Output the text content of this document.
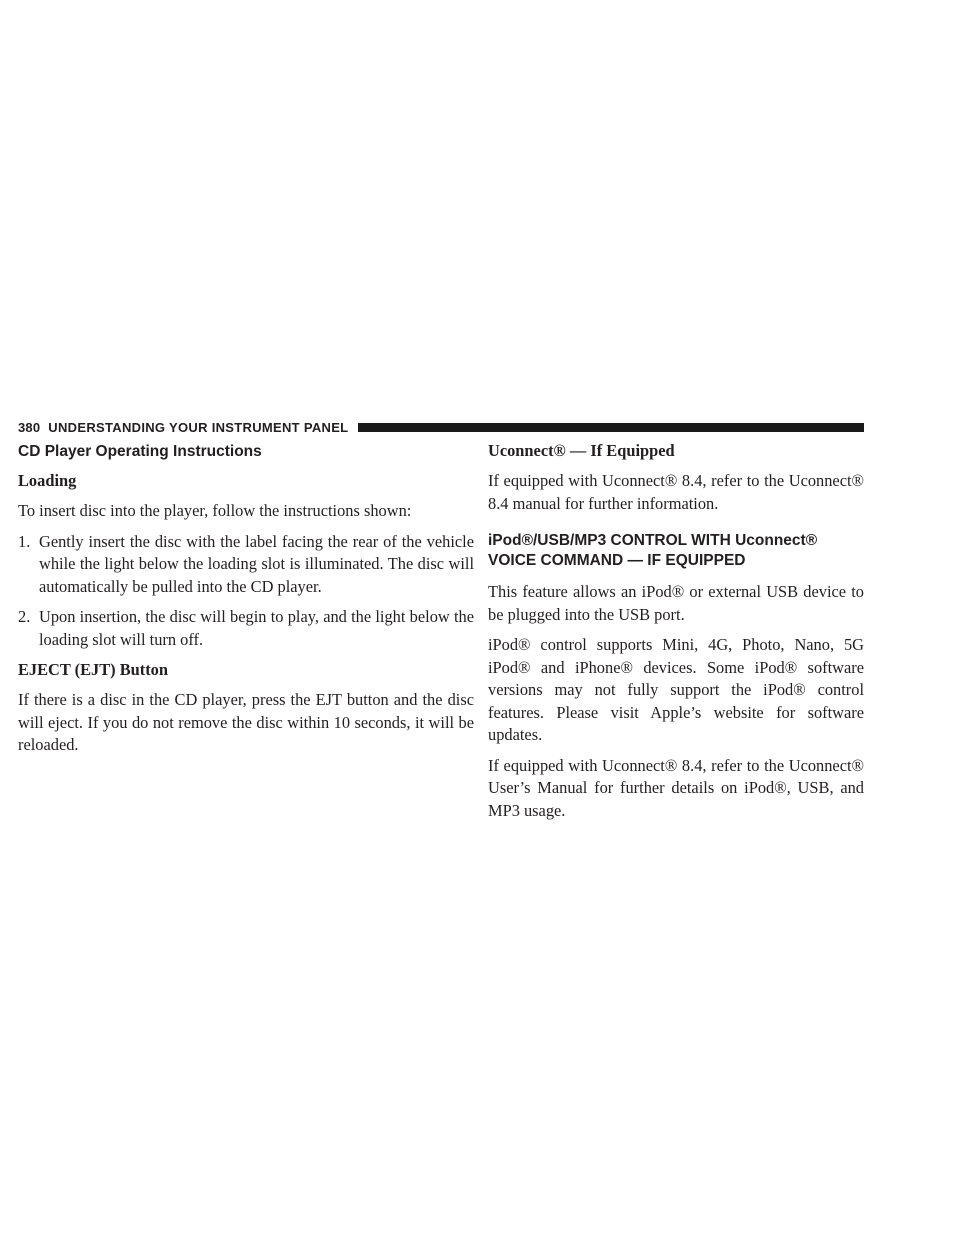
380 UNDERSTANDING YOUR INSTRUMENT PANEL
CD Player Operating Instructions
Loading

To insert disc into the player, follow the instructions shown:

1. Gently insert the disc with the label facing the rear of the vehicle while the light below the loading slot is illuminated. The disc will automatically be pulled into the CD player.
2. Upon insertion, the disc will begin to play, and the light below the loading slot will turn off.
EJECT (EJT) Button

If there is a disc in the CD player, press the EJT button and the disc will eject. If you do not remove the disc within 10 seconds, it will be reloaded.

Uconnect® — If Equipped

If equipped with Uconnect® 8.4, refer to the Uconnect® 8.4 manual for further information.

iPod®/USB/MP3 CONTROL WITH Uconnect®
VOICE COMMAND — IF EQUIPPED

This feature allows an iPod® or external USB device to be plugged into the USB port.

iPod® control supports Mini, 4G, Photo, Nano, 5G iPod® and iPhone® devices. Some iPod® software versions may not fully support the iPod® control features. Please visit Apple’s website for software updates.

If equipped with Uconnect® 8.4, refer to the Uconnect® User’s Manual for further details on iPod®, USB, and MP3 usage.
